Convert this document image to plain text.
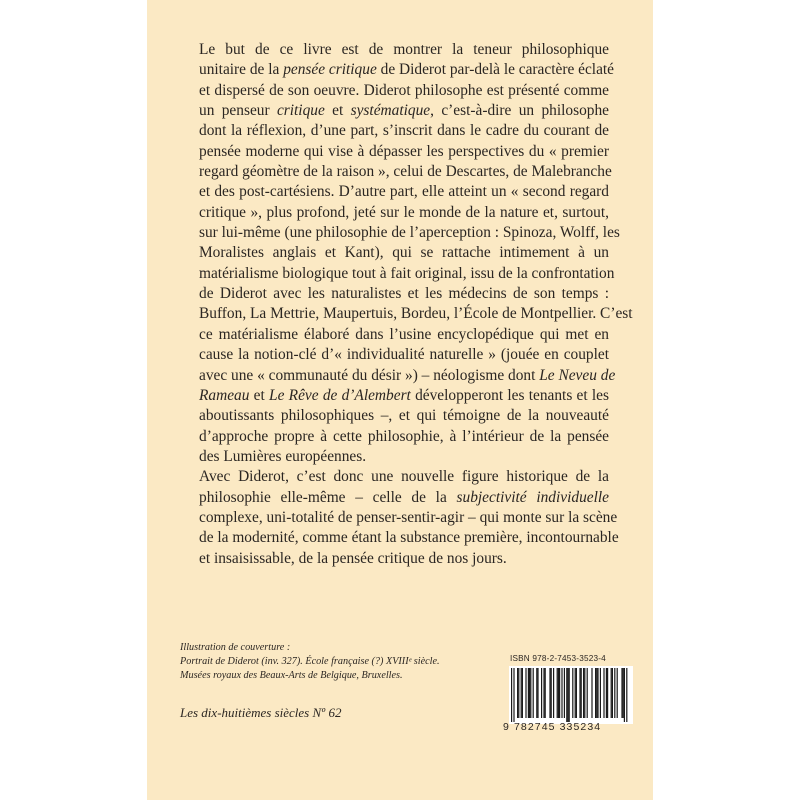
Le but de ce livre est de montrer la teneur philosophique
unitaire de la pensée critique de Diderot par-delà le caractère éclaté
et dispersé de son oeuvre. Diderot philosophe est présenté comme
un penseur critique et systématique, c’est-à-dire un philosophe
dont la réflexion, d’une part, s’inscrit dans le cadre du courant de
pensée moderne qui vise à dépasser les perspectives du « premier
regard géomètre de la raison », celui de Descartes, de Malebranche
et des post-cartésiens. D’autre part, elle atteint un « second regard
critique », plus profond, jeté sur le monde de la nature et, surtout,
sur lui-même (une philosophie de l’aperception : Spinoza, Wolff, les
Moralistes anglais et Kant), qui se rattache intimement à un
matérialisme biologique tout à fait original, issu de la confrontation
de Diderot avec les naturalistes et les médecins de son temps :
Buffon, La Mettrie, Maupertuis, Bordeu, l’École de Montpellier. C’est
ce matérialisme élaboré dans l’usine encyclopédique qui met en
cause la notion-clé d’« individualité naturelle » (jouée en couplet
avec une « communauté du désir ») – néologisme dont Le Neveu de
Rameau et Le Rêve de d’Alembert développeront les tenants et les
aboutissants philosophiques –, et qui témoigne de la nouveauté
d’approche propre à cette philosophie, à l’intérieur de la pensée
des Lumières européennes.

Avec Diderot, c’est donc une nouvelle figure historique de la
philosophie elle-même – celle de la subjectivité individuelle
complexe, uni-totalité de penser-sentir-agir – qui monte sur la scène
de la modernité, comme étant la substance première, incontournable
et insaisissable, de la pensée critique de nos jours.

Illustration de couverture :
Portrait de Diderot (inv. 327). École française (?) XVIIIᵉ siècle.
Musées royaux des Beaux-Arts de Belgique, Bruxelles.
Les dix-huitièmes siècles Nº 62
ISBN 978-2-7453-3523-4
9 782745 335234
